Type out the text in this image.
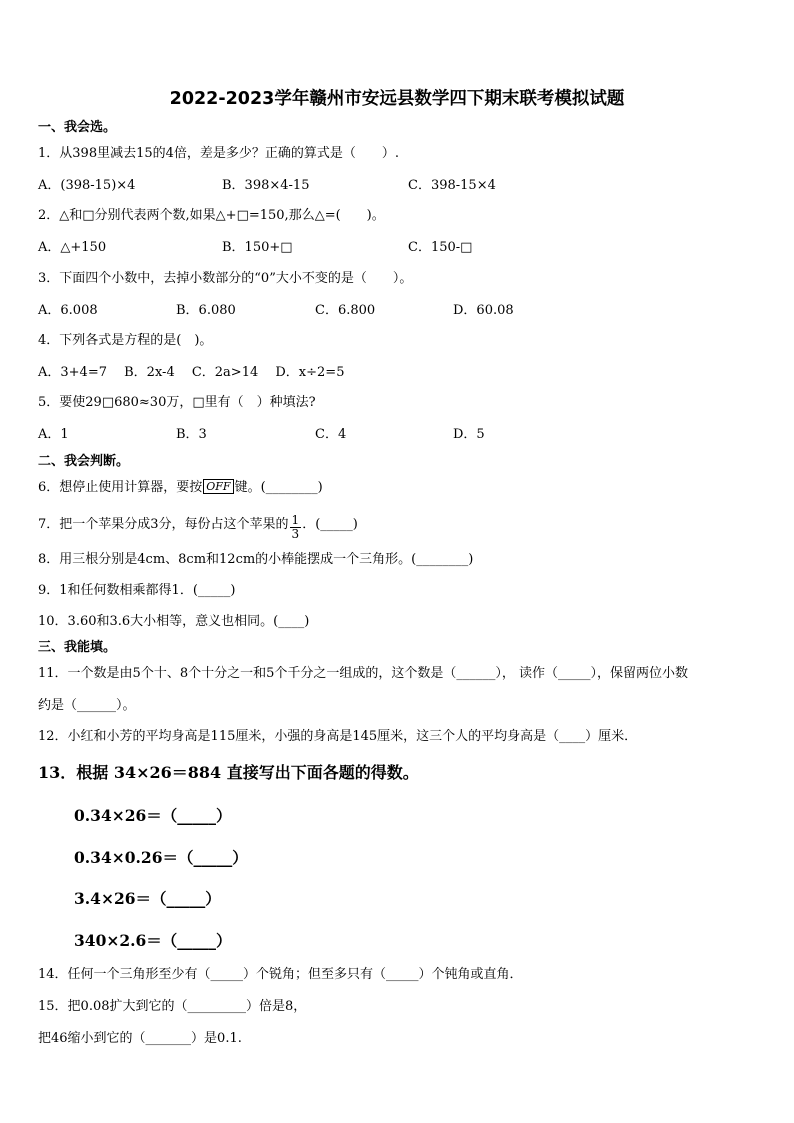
2022-2023学年赣州市安远县数学四下期末联考模拟试题
一、我会选。
1．从398里减去15的4倍，差是多少？正确的算式是（　　）.
A．(398-15)×4	B．398×4-15	C．398-15×4
2．△和□分别代表两个数,如果△+□=150,那么△=(　　)。
A．△+150	B．150+□	C．150-□
3．下面四个小数中，去掉小数部分的“0”大小不变的是（　　）。
A．6.008	B．6.080	C．6.800	D．60.08
4．下列各式是方程的是(　)。
A．3+4=7　 B．2x-4　 C．2a>14　 D．x÷2=5
5．要使29□680≈30万，□里有（　）种填法?
A．1	B．3	C．4	D．5
二、我会判断。
6．想停止使用计算器，要按 OFF 键。(________)
7．把一个苹果分成3分，每份占这个苹果的 $\frac{1}{3}$ ．(_____)
8．用三根分别是4cm、8cm和12cm的小棒能摆成一个三角形。(________)
9．1和任何数相乘都得1．(_____)
10．3.60和3.6大小相等，意义也相同。(____)
三、我能填。
11．一个数是由5个十、8个十分之一和5个千分之一组成的，这个数是（______）， 读作（_____），保留两位小数
约是（______）。
12．小红和小芳的平均身高是115厘米，小强的身高是145厘米，这三个人的平均身高是（____）厘米．
13．根据 34×26＝884 直接写出下面各题的得数。
0.34×26＝（_____）
0.34×0.26＝（_____）
3.4×26＝（_____）
340×2.6＝（_____）
14．任何一个三角形至少有（_____）个锐角；但至多只有（_____）个钝角或直角．
15．把0.08扩大到它的（_________）倍是8，
把46缩小到它的（_______）是0.1.
